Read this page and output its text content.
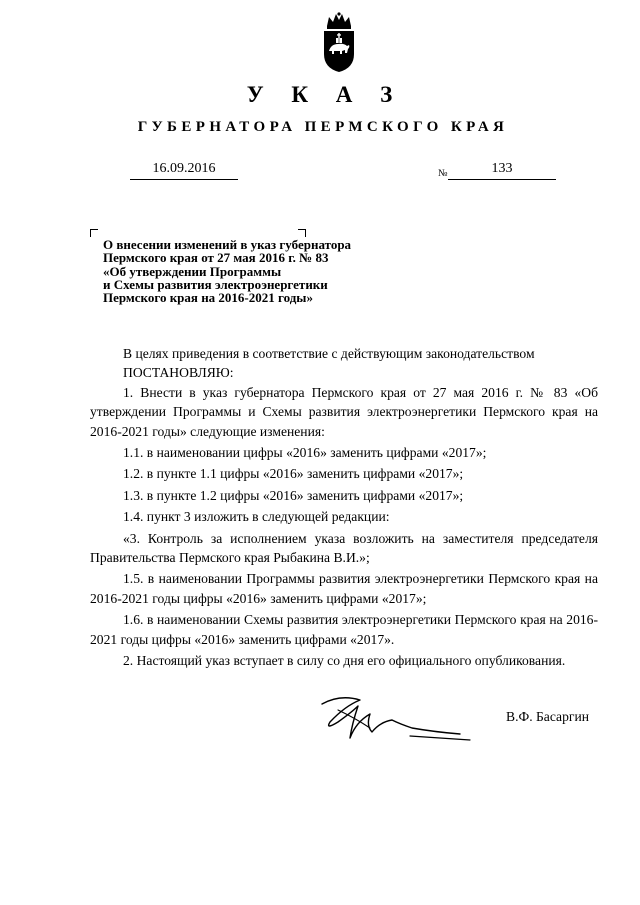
У К А З
ГУБЕРНАТОРА ПЕРМСКОГО КРАЯ
16.09.2016	№	133
О внесении изменений в указ губернатора
Пермского края от 27 мая 2016 г. № 83
«Об утверждении Программы
и Схемы развития электроэнергетики
Пермского края на 2016-2021 годы»
В целях приведения в соответствие с действующим законодательством
ПОСТАНОВЛЯЮ:
1. Внести в указ губернатора Пермского края от 27 мая 2016 г. № 83 «Об утверждении Программы и Схемы развития электроэнергетики Пермского края на 2016-2021 годы» следующие изменения:
1.1. в наименовании цифры «2016» заменить цифрами «2017»;
1.2. в пункте 1.1 цифры «2016» заменить цифрами «2017»;
1.3. в пункте 1.2 цифры «2016» заменить цифрами «2017»;
1.4. пункт 3 изложить в следующей редакции:
«3. Контроль за исполнением указа возложить на заместителя председателя Правительства Пермского края Рыбакина В.И.»;
1.5. в наименовании Программы развития электроэнергетики Пермского края на 2016-2021 годы цифры «2016» заменить цифрами «2017»;
1.6. в наименовании Схемы развития электроэнергетики Пермского края на 2016-2021 годы цифры «2016» заменить цифрами «2017».
2. Настоящий указ вступает в силу со дня его официального опубликования.
В.Ф. Басаргин
